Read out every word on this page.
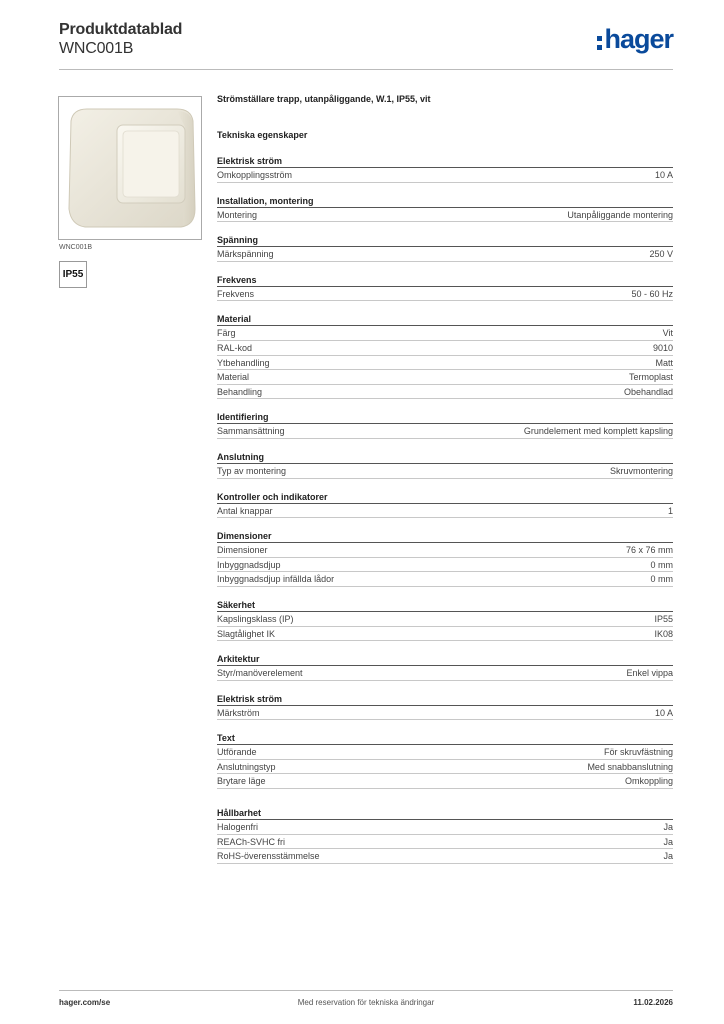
Produktdatablad
WNC001B	hager
WNC001B
IP55
Strömställare trapp, utanpåliggande, W.1, IP55, vit
Tekniska egenskaper
Elektrisk ström
Omkopplingsström	10 A
Installation, montering
Montering	Utanpåliggande montering
Spänning
Märkspänning	250 V
Frekvens
Frekvens	50 - 60 Hz
Material
Färg	Vit
RAL-kod	9010
Ytbehandling	Matt
Material	Termoplast
Behandling	Obehandlad
Identifiering
Sammansättning	Grundelement med komplett kapsling
Anslutning
Typ av montering	Skruvmontering
Kontroller och indikatorer
Antal knappar	1
Dimensioner
Dimensioner	76 x 76 mm
Inbyggnadsdjup	0 mm
Inbyggnadsdjup infällda lådor	0 mm
Säkerhet
Kapslingsklass (IP)	IP55
Slagtålighet IK	IK08
Arkitektur
Styr/manöverelement	Enkel vippa
Elektrisk ström
Märkström	10 A
Text
Utförande	För skruvfästning
Anslutningstyp	Med snabbanslutning
Brytare läge	Omkoppling
Hållbarhet
Halogenfri	Ja
REACh-SVHC fri	Ja
RoHS-överensstämmelse	Ja
Med reservation för tekniska ändringar
hager.com/se	11.02.2026
